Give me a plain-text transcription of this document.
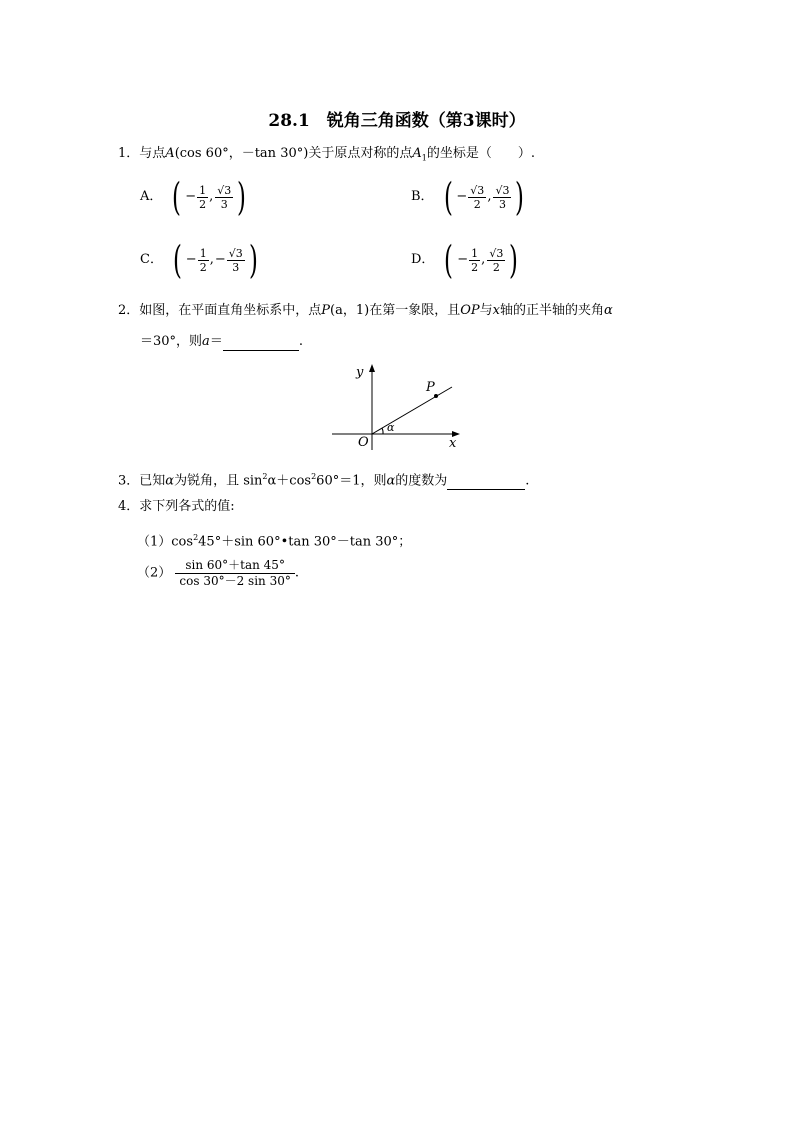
28.1　锐角三角函数（第3课时）
1．与点A(cos 60°，－tan 30°)关于原点对称的点$A_1$的坐标是（　　）.
A． ( − $\frac{1}{2}$ , $\frac{√3}{3}$ )	B． ( − $\frac{√3}{2}$ , $\frac{√3}{3}$ )
C． ( − $\frac{1}{2}$ , − $\frac{√3}{3}$ )	D． ( − $\frac{1}{2}$ , $\frac{√3}{2}$ )
2．如图，在平面直角坐标系中，点P(a，1)在第一象限，且OP与x轴的正半轴的夹角α
＝30°，则a＝	.
y
x
O
P
α
3．已知α为锐角，且 $\sin^2\alpha+\cos^260^\circ=1$，则α的度数为	.
4．求下列各式的值:
$(1)\cos^245^\circ+\sin$ 60°•tan 30°－tan 30°；
$(2) \frac{\sin 60^\circ+\tan 45^\circ}{\cos 30^\circ-2 \sin 30^\circ}$ .
